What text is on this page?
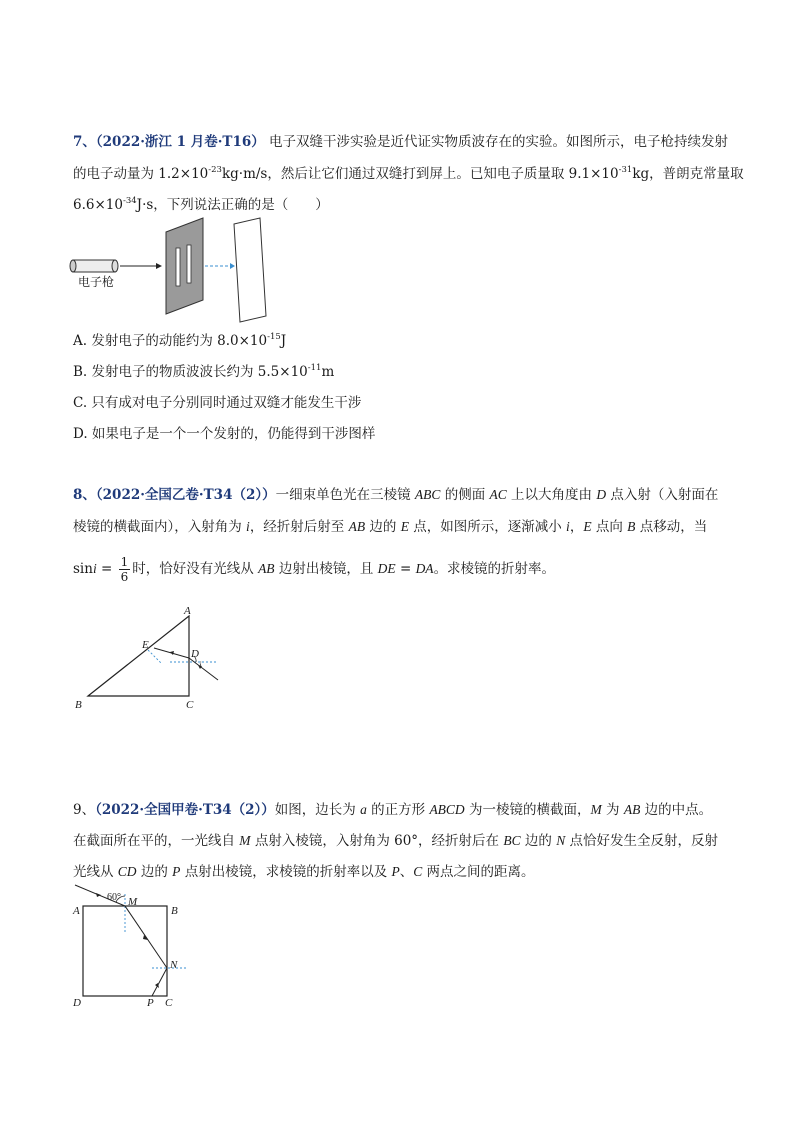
7、（2022·浙江 1 月卷·T16） 电子双缝干涉实验是近代证实物质波存在的实验。如图所示，电子枪持续发射
的电子动量为 $1.2\times 10^{-23}kg\cdot m/s$，然后让它们通过双缝打到屏上。已知电子质量取 $9.1\times 10^{-31}kg$，普朗克常量取
$6.6\times 10^{-34}J\cdot s$，下列说法正确的是（　　）
电子枪
A. 发射电子的动能约为 $8.0\times 10^{-15}J$
B. 发射电子的物质波波长约为 $5.5\times 10^{-11}m$
C. 只有成对电子分别同时通过双缝才能发生干涉
D. 如果电子是一个一个发射的，仍能得到干涉图样
8、（2022·全国乙卷·T34（2））一细束单色光在三棱镜 ABC 的侧面 AC 上以大角度由 D 点入射（入射面在
棱镜的横截面内），入射角为 i，经折射后射至 AB 边的 E 点，如图所示，逐渐减小 i，E 点向 B 点移动，当
$\sin i = \frac{1}{6}$ 时，恰好没有光线从 AB 边射出棱镜，且 DE = DA。求棱镜的折射率。
A
B	C
D
E
i
9、（2022·全国甲卷·T34（2））如图，边长为 a 的正方形 ABCD 为一棱镜的横截面，M 为 AB 边的中点。
在截面所在平的，一光线自 M 点射入棱镜，入射角为 60°，经折射后在 BC 边的 N 点恰好发生全反射，反射
光线从 CD 边的 P 点射出棱镜，求棱镜的折射率以及 P、C 两点之间的距离。
60°
A	B
D	C
M
N
P
